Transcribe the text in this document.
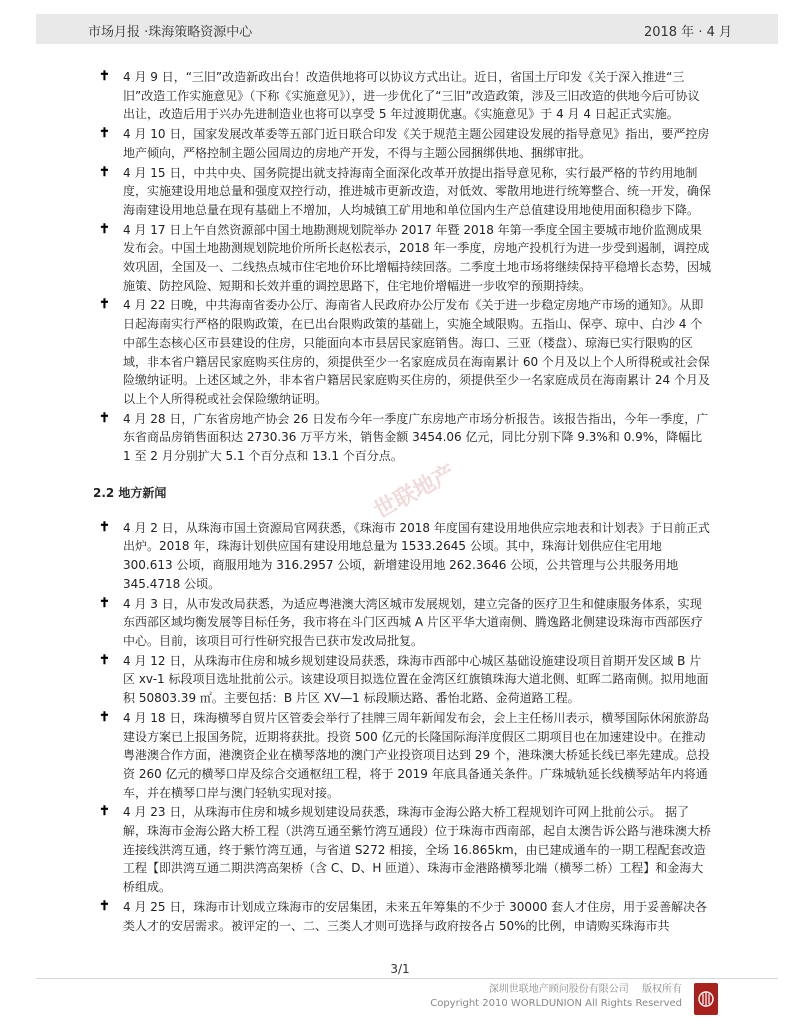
市场月报 ·珠海策略资源中心	2018 年 · 4 月
世联地产
✝ 4 月 9 日，“三旧”改造新政出台！改造供地将可以协议方式出让。近日，省国土厅印发《关于深入推进“三旧”改造工作实施意见》（下称《实施意见》），进一步优化了“三旧”改造政策，涉及三旧改造的供地今后可协议出让，改造后用于兴办先进制造业也将可以享受 5 年过渡期优惠。《实施意见》于 4 月 4 日起正式实施。
✝ 4 月 10 日，国家发展改革委等五部门近日联合印发《关于规范主题公园建设发展的指导意见》指出，要严控房地产倾向，严格控制主题公园周边的房地产开发，不得与主题公园捆绑供地、捆绑审批。
✝ 4 月 15 日，中共中央、国务院提出就支持海南全面深化改革开放提出指导意见称，实行最严格的节约用地制度，实施建设用地总量和强度双控行动，推进城市更新改造，对低效、零散用地进行统筹整合、统一开发，确保海南建设用地总量在现有基础上不增加，人均城镇工矿用地和单位国内生产总值建设用地使用面积稳步下降。
✝ 4 月 17 日上午自然资源部中国土地勘测规划院举办 2017 年暨 2018 年第一季度全国主要城市地价监测成果发布会。中国土地勘测规划院地价所所长赵松表示，2018 年一季度，房地产投机行为进一步受到遏制，调控成效巩固，全国及一、二线热点城市住宅地价环比增幅持续回落。二季度土地市场将继续保持平稳增长态势，因城施策、防控风险、短期和长效并重的调控思路下，住宅地价增幅进一步收窄的预期持续。
✝ 4 月 22 日晚，中共海南省委办公厅、海南省人民政府办公厅发布《关于进一步稳定房地产市场的通知》。从即日起海南实行严格的限购政策，在已出台限购政策的基础上，实施全域限购。五指山、保亭、琼中、白沙 4 个中部生态核心区市县建设的住房，只能面向本市县居民家庭销售。海口、三亚（楼盘）、琼海已实行限购的区域，非本省户籍居民家庭购买住房的，须提供至少一名家庭成员在海南累计 60 个月及以上个人所得税或社会保险缴纳证明。上述区域之外，非本省户籍居民家庭购买住房的，须提供至少一名家庭成员在海南累计 24 个月及以上个人所得税或社会保险缴纳证明。
✝ 4 月 28 日，广东省房地产协会 26 日发布今年一季度广东房地产市场分析报告。该报告指出，今年一季度，广东省商品房销售面积达 2730.36 万平方米，销售金额 3454.06 亿元，同比分别下降 9.3%和 0.9%，降幅比 1 至 2 月分别扩大 5.1 个百分点和 13.1 个百分点。
2.2 地方新闻
✝ 4 月 2 日，从珠海市国土资源局官网获悉，《珠海市 2018 年度国有建设用地供应宗地表和计划表》于日前正式出炉。2018 年，珠海计划供应国有建设用地总量为 1533.2645 公顷。其中，珠海计划供应住宅用地 300.613 公顷，商服用地为 316.2957 公顷，新增建设用地 262.3646 公顷，公共管理与公共服务用地 345.4718 公顷。
✝ 4 月 3 日，从市发改局获悉，为适应粤港澳大湾区城市发展规划，建立完备的医疗卫生和健康服务体系，实现东西部区域均衡发展等目标任务，我市将在斗门区西城 A 片区平华大道南侧、腾逸路北侧建设珠海市西部医疗中心。目前，该项目可行性研究报告已获市发改局批复。
✝ 4 月 12 日，从珠海市住房和城乡规划建设局获悉，珠海市西部中心城区基础设施建设项目首期开发区域 B 片区 xv-1 标段项目选址批前公示。该建设项目拟选位置在金湾区红旗镇珠海大道北侧、虹晖二路南侧。拟用地面积 50803.39 ㎡。主要包括：B 片区 XV—1 标段顺达路、番怡北路、金荷道路工程。
✝ 4 月 18 日，珠海横琴自贸片区管委会举行了挂牌三周年新闻发布会，会上主任杨川表示，横琴国际休闲旅游岛建设方案已上报国务院，近期将获批。投资 500 亿元的长隆国际海洋度假区二期项目也在加速建设中。在推动粤港澳合作方面，港澳资企业在横琴落地的澳门产业投资项目达到 29 个，港珠澳大桥延长线已率先建成。总投资 260 亿元的横琴口岸及综合交通枢纽工程，将于 2019 年底具备通关条件。广珠城轨延长线横琴站年内将通车，并在横琴口岸与澳门轻轨实现对接。
✝ 4 月 23 日，从珠海市住房和城乡规划建设局获悉，珠海市金海公路大桥工程规划许可网上批前公示。 据了解，珠海市金海公路大桥工程（洪湾互通至紫竹湾互通段）位于珠海市西南部，起自太澳告诉公路与港珠澳大桥连接线洪湾互通，终于紫竹湾互通，与省道 S272 相接，全场 16.865km，由已建成通车的一期工程配套改造工程【即洪湾互通二期洪湾高架桥（含 C、D、H 匝道）、珠海市金港路横琴北端（横琴二桥）工程】和金海大桥组成。
✝ 4 月 25 日，珠海市计划成立珠海市的安居集团，未来五年筹集的不少于 30000 套人才住房，用于妥善解决各类人才的安居需求。被评定的一、二、三类人才则可选择与政府按各占 50%的比例，申请购买珠海市共
3/1
深圳世联地产顾问股份有限公司　 版权所有
Copyright 2010 WORLDUNION All Rights Reserved
